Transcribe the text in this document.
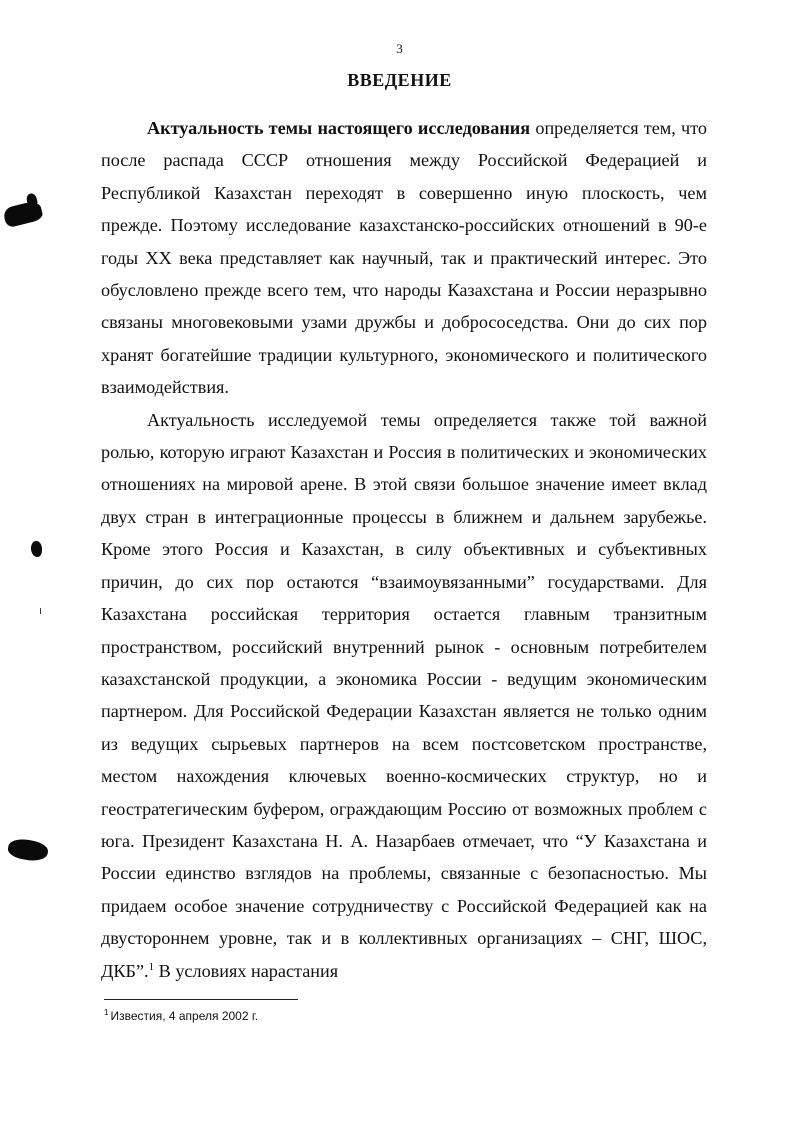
3
ВВЕДЕНИЕ

Актуальность темы настоящего исследования определяется тем, что после распада СССР отношения между Российской Федерацией и Республикой Казахстан переходят в совершенно иную плоскость, чем прежде. Поэтому исследование казахстанско-российских отношений в 90-е годы XX века представляет как научный, так и практический интерес. Это обусловлено прежде всего тем, что народы Казахстана и России неразрывно связаны многовековыми узами дружбы и добрососедства. Они до сих пор хранят богатейшие традиции культурного, экономического и политического взаимодействия.

Актуальность исследуемой темы определяется также той важной ролью, которую играют Казахстан и Россия в политических и экономических отношениях на мировой арене. В этой связи большое значение имеет вклад двух стран в интеграционные процессы в ближнем и дальнем зарубежье. Кроме этого Россия и Казахстан, в силу объективных и субъективных причин, до сих пор остаются “взаимоувязанными” государствами. Для Казахстана российская территория остается главным транзитным пространством, российский внутренний рынок - основным потребителем казахстанской продукции, а экономика России - ведущим экономическим партнером. Для Российской Федерации Казахстан является не только одним из ведущих сырьевых партнеров на всем постсоветском пространстве, местом нахождения ключевых военно-космических структур, но и геостратегическим буфером, ограждающим Россию от возможных проблем с юга. Президент Казахстана Н. А. Назарбаев отмечает, что “У Казахстана и России единство взглядов на проблемы, связанные с безопасностью. Мы придаем особое значение сотрудничеству с Российской Федерацией как на двустороннем уровне, так и в коллективных организациях – СНГ, ШОС, ДКБ”.$^1$ В условиях нарастания

$^1$ Известия, 4 апреля 2002 г.
